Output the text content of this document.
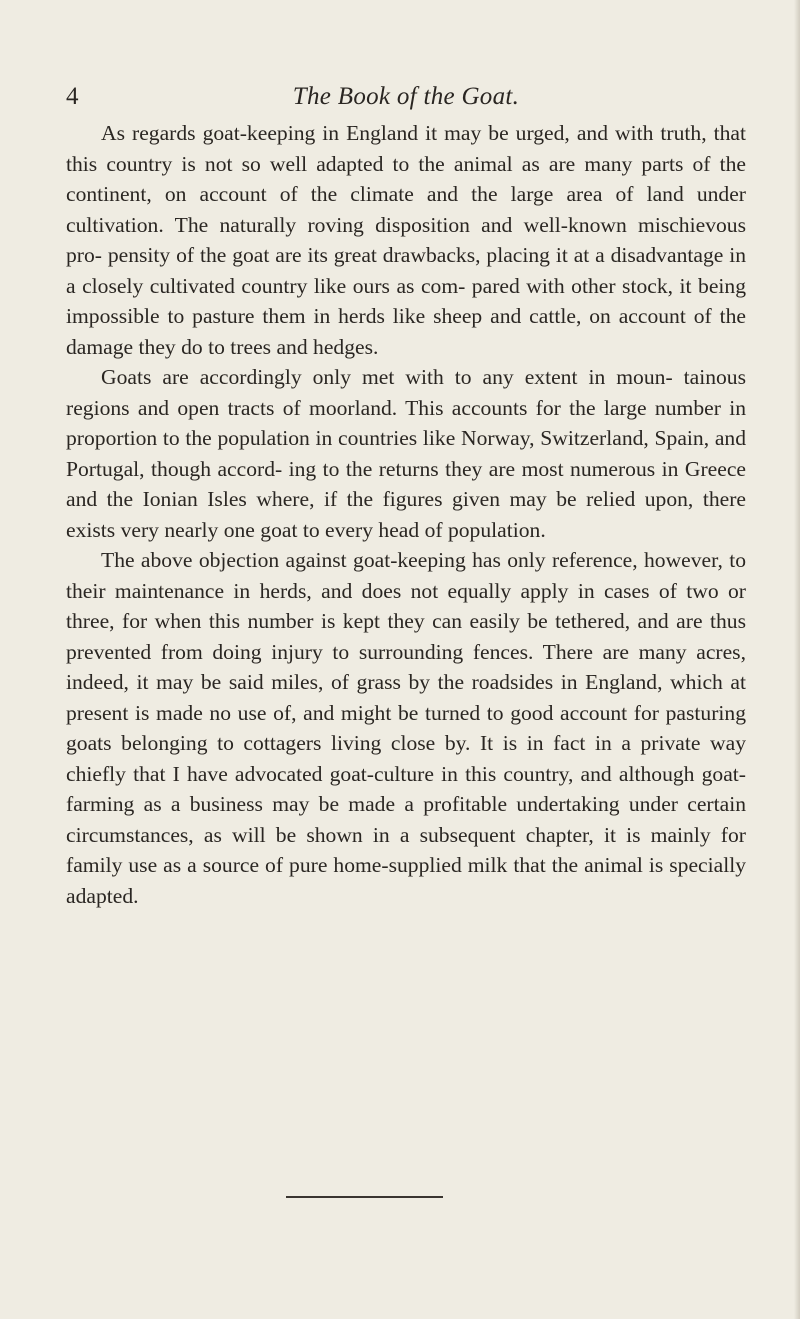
4	The Book of the Goat.

As regards goat-keeping in England it may be urged, and with truth, that this country is not so well adapted to the animal as are many parts of the continent, on account of the climate and the large area of land under cultivation. The naturally roving disposition and well-known mischievous pro- pensity of the goat are its great drawbacks, placing it at a disadvantage in a closely cultivated country like ours as com- pared with other stock, it being impossible to pasture them in herds like sheep and cattle, on account of the damage they do to trees and hedges.

Goats are accordingly only met with to any extent in moun- tainous regions and open tracts of moorland. This accounts for the large number in proportion to the population in countries like Norway, Switzerland, Spain, and Portugal, though accord- ing to the returns they are most numerous in Greece and the Ionian Isles where, if the figures given may be relied upon, there exists very nearly one goat to every head of population.

The above objection against goat-keeping has only reference, however, to their maintenance in herds, and does not equally apply in cases of two or three, for when this number is kept they can easily be tethered, and are thus prevented from doing injury to surrounding fences. There are many acres, indeed, it may be said miles, of grass by the roadsides in England, which at present is made no use of, and might be turned to good account for pasturing goats belonging to cottagers living close by. It is in fact in a private way chiefly that I have advocated goat-culture in this country, and although goat-farming as a business may be made a profitable undertaking under certain circumstances, as will be shown in a subsequent chapter, it is mainly for family use as a source of pure home-supplied milk that the animal is specially adapted.
